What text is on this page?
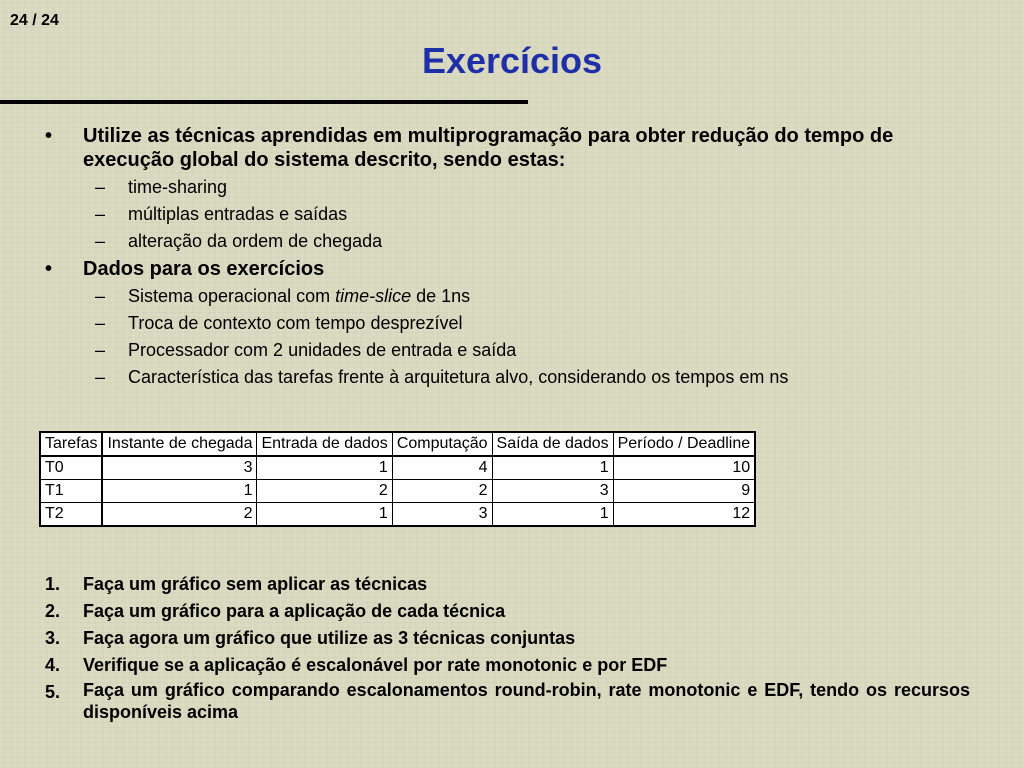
24 / 24
Exercícios
• Utilize as técnicas aprendidas em multiprogramação para obter redução do tempo de execução global do sistema descrito, sendo estas:
– time-sharing
– múltiplas entradas e saídas
– alteração da ordem de chegada
• Dados para os exercícios
– Sistema operacional com time-slice de 1ns
– Troca de contexto com tempo desprezível
– Processador com 2 unidades de entrada e saída
– Característica das tarefas frente à arquitetura alvo, considerando os tempos em ns
Tarefas	Instante de chegada	Entrada de dados	Computação	Saída de dados	Período / Deadline
T0	3	1	4	1	10
T1	1	2	2	3	9
T2	2	1	3	1	12
1. Faça um gráfico sem aplicar as técnicas
2. Faça um gráfico para a aplicação de cada técnica
3. Faça agora um gráfico que utilize as 3 técnicas conjuntas
4. Verifique se a aplicação é escalonável por rate monotonic e por EDF
5. Faça um gráfico comparando escalonamentos round-robin, rate monotonic e EDF, tendo os recursos disponíveis acima
